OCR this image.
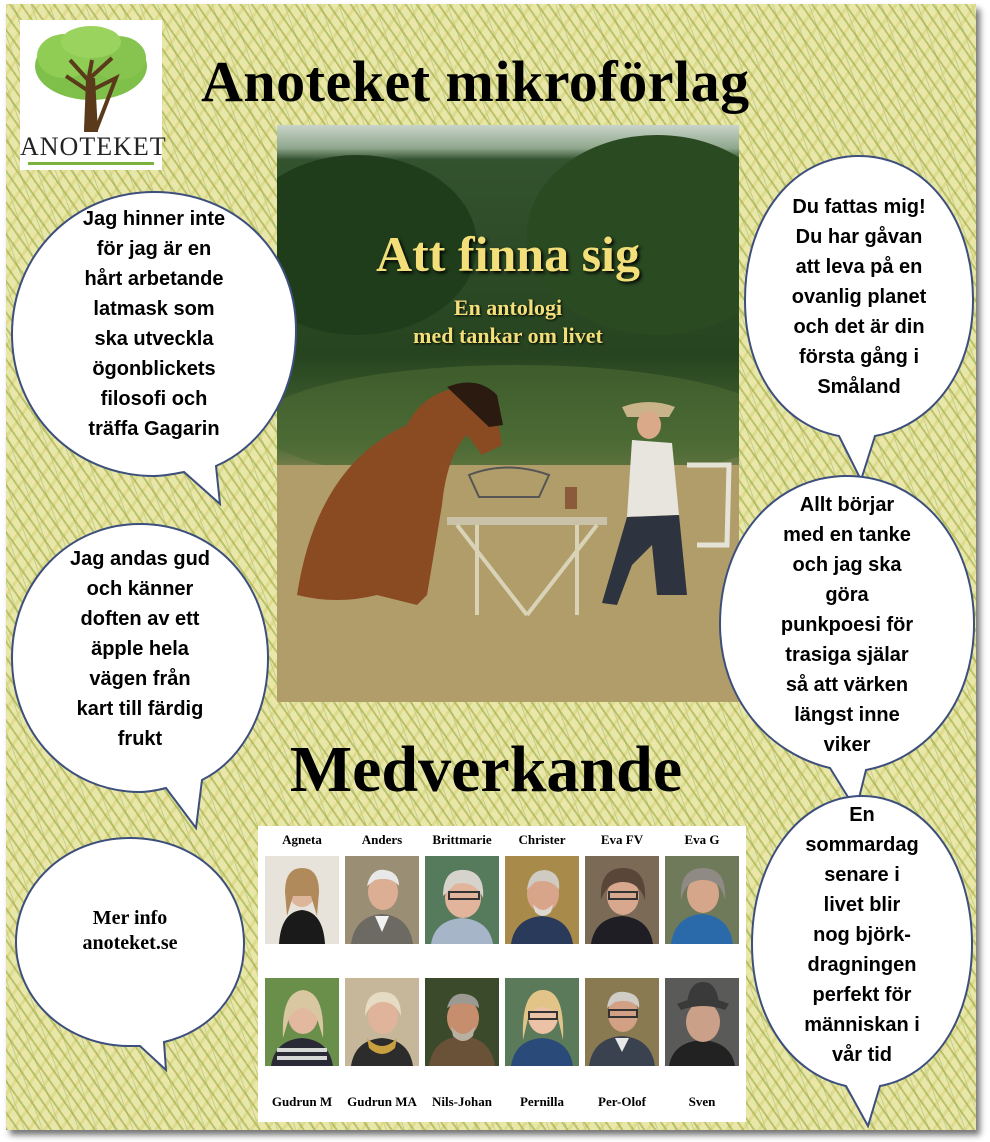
ANOTEKET
Anoteket mikroförlag
Att finna sig
En antologi
med tankar om livet
Jag hinner inte
för jag är en
hårt arbetande
latmask som
ska utveckla
ögonblickets
filosofi och
träffa Gagarin
Jag andas gud
och känner
doften av ett
äpple hela
vägen från
kart till färdig
frukt
Mer info
anoteket.se
Du fattas mig!
Du har gåvan
att leva på en
ovanlig planet
och det är din
första gång i
Småland
Allt börjar
med en tanke
och jag ska
göra
punkpoesi för
trasiga själar
så att värken
längst inne
viker
En
sommardag
senare i
livet blir
nog björk-
dragningen
perfekt för
människan i
vår tid
Medverkande
Agneta	Anders	Brittmarie	Christer	Eva FV	Eva G
Gudrun M	Gudrun MA	Nils-Johan	Pernilla	Per-Olof	Sven
